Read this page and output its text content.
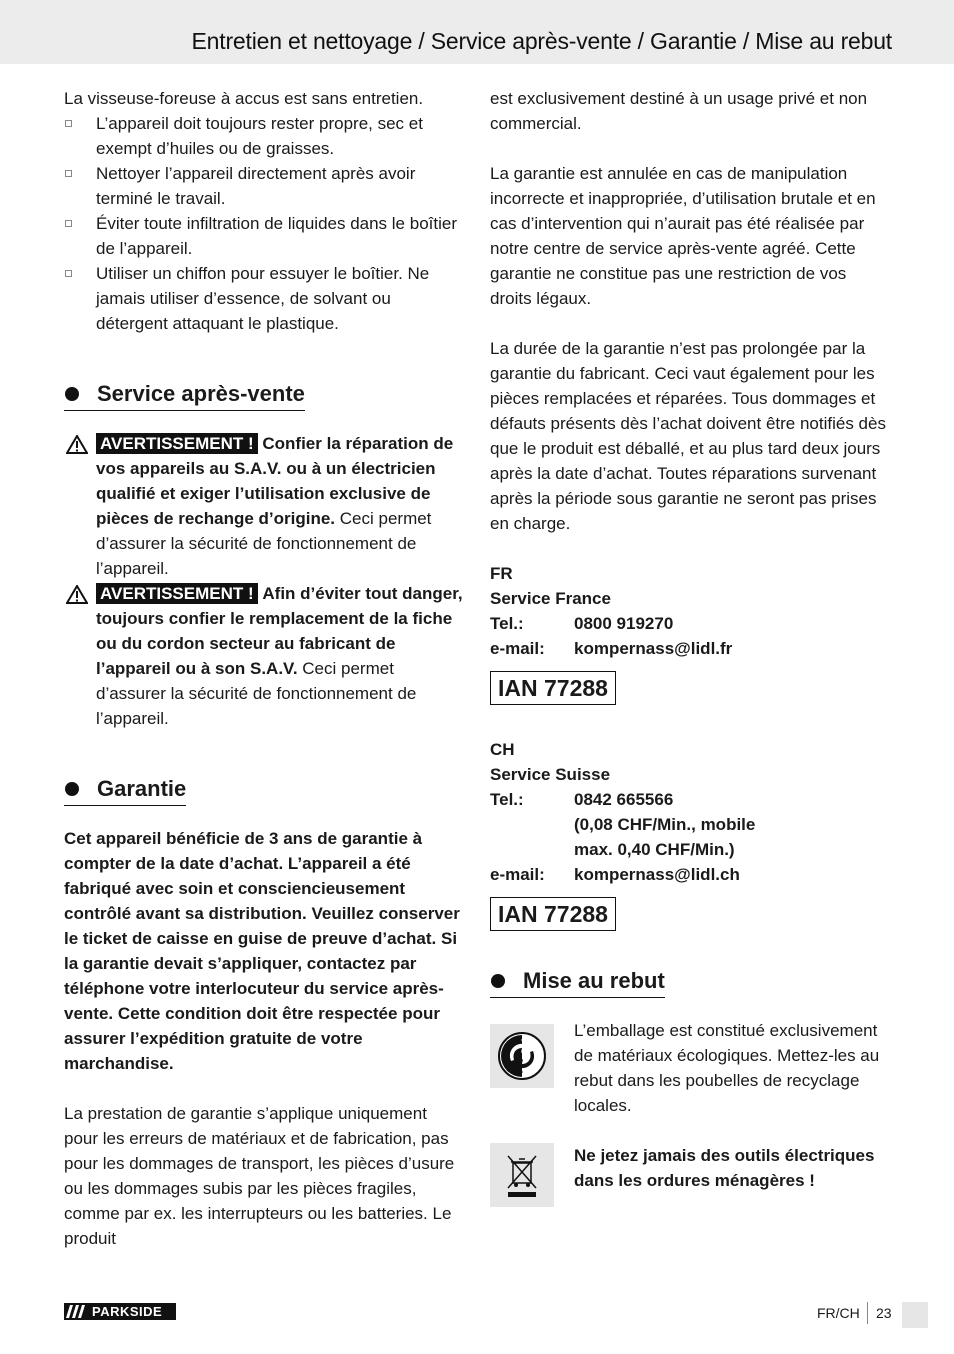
Entretien et nettoyage / Service après-vente / Garantie / Mise au rebut

La visseuse-foreuse à accus est sans entretien.

L’appareil doit toujours rester propre, sec et exempt d’huiles ou de graisses.
Nettoyer l’appareil directement après avoir terminé le travail.
Éviter toute infiltration de liquides dans le boîtier de l’appareil.
Utiliser un chiffon pour essuyer le boîtier. Ne jamais utiliser d’essence, de solvant ou détergent attaquant le plastique.
Service après-vente
AVERTISSEMENT ! Confier la réparation de vos appareils au S.A.V. ou à un électricien qualifié et exiger l’utilisation exclusive de pièces de rechange d’origine. Ceci permet d’assurer la sécurité de fonctionnement de l’appareil.
AVERTISSEMENT ! Afin d’éviter tout danger, toujours confier le remplacement de la fiche ou du cordon secteur au fabricant de l’appareil ou à son S.A.V. Ceci permet d’assurer la sécurité de fonctionnement de l’appareil.
Garantie

Cet appareil bénéficie de 3 ans de garantie à compter de la date d’achat. L’appareil a été fabriqué avec soin et consciencieusement contrôlé avant sa distribution. Veuillez conserver le ticket de caisse en guise de preuve d’achat. Si la garantie devait s’appliquer, contactez par téléphone votre interlocuteur du service après-vente. Cette condition doit être respectée pour assurer l’expédition gratuite de votre marchandise.

La prestation de garantie s’applique uniquement pour les erreurs de matériaux et de fabrication, pas pour les dommages de transport, les pièces d’usure ou les dommages subis par les pièces fragiles, comme par ex. les interrupteurs ou les batteries. Le produit

est exclusivement destiné à un usage privé et non commercial.

La garantie est annulée en cas de manipulation incorrecte et inappropriée, d’utilisation brutale et en cas d’intervention qui n’aurait pas été réalisée par notre centre de service après-vente agréé. Cette garantie ne constitue pas une restriction de vos droits légaux.

La durée de la garantie n’est pas prolongée par la garantie du fabricant. Ceci vaut également pour les pièces remplacées et réparées. Tous dommages et défauts présents dès l’achat doivent être notifiés dès que le produit est déballé, et au plus tard deux jours après la date d’achat. Toutes réparations survenant après la période sous garantie ne seront pas prises en charge.

FR
Service France
Tel.:	0800 919270
e-mail:	kompernass@lidl.fr
IAN 77288
CH
Service Suisse
Tel.:	0842 665566
(0,08 CHF/Min., mobile
max. 0,40 CHF/Min.)
e-mail:	kompernass@lidl.ch
IAN 77288
Mise au rebut

L’emballage est constitué exclusivement de matériaux écologiques. Mettez-les au rebut dans les poubelles de recyclage locales.

Ne jetez jamais des outils électriques dans les ordures ménagères !

PARKSIDE	FR/CH 23
